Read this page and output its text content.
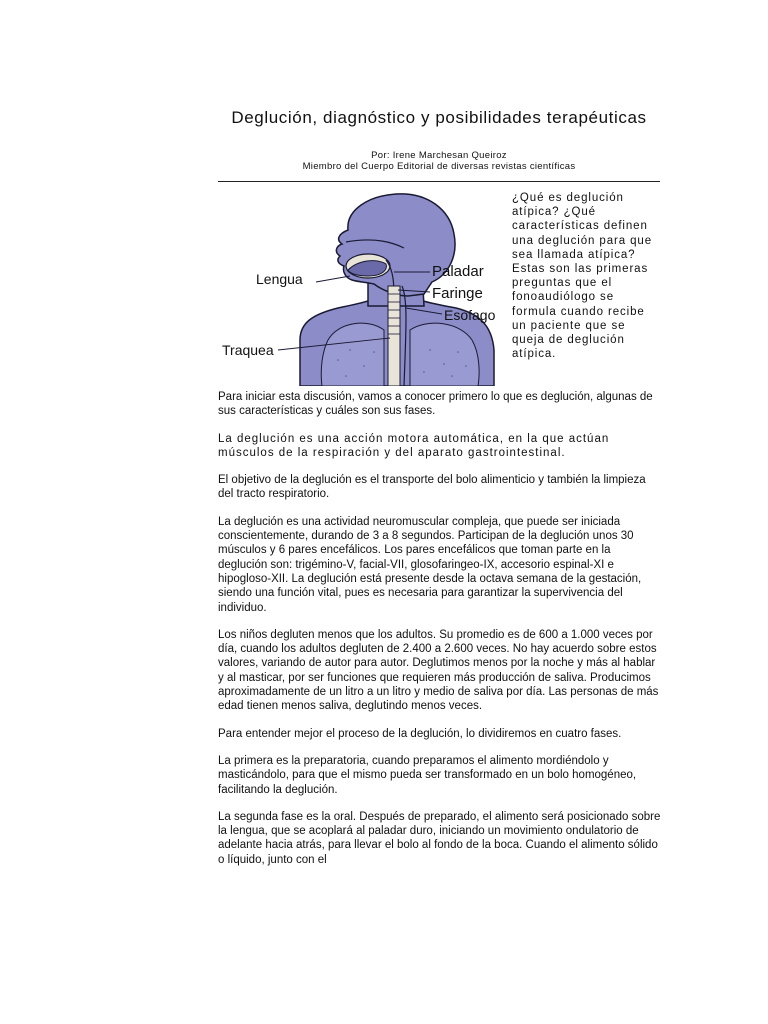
Deglución, diagnóstico y posibilidades terapéuticas
Por: Irene Marchesan Queiroz
Miembro del Cuerpo Editorial de diversas revistas científicas
Lengua	Paladar
Faringe
Esofago
Traquea
¿Qué es deglución atípica? ¿Qué características definen una deglución para que sea llamada atípica? Estas son las primeras preguntas que el fonoaudiólogo se formula cuando recibe un paciente que se queja de deglución atípica.

Para iniciar esta discusión, vamos a conocer primero lo que es deglución, algunas de sus características y cuáles son sus fases.

La deglución es una acción motora automática, en la que actúan músculos de la respiración y del aparato gastrointestinal.

El objetivo de la deglución es el transporte del bolo alimenticio y también la limpieza del tracto respiratorio.

La deglución es una actividad neuromuscular compleja, que puede ser iniciada conscientemente, durando de 3 a 8 segundos. Participan de la deglución unos 30 músculos y 6 pares encefálicos. Los pares encefálicos que toman parte en la deglución son: trigémino-V, facial-VII, glosofaringeo-IX, accesorio espinal-XI e hipogloso-XII. La deglución está presente desde la octava semana de la gestación, siendo una función vital, pues es necesaria para garantizar la supervivencia del individuo.

Los niños degluten menos que los adultos. Su promedio es de 600 a 1.000 veces por día, cuando los adultos degluten de 2.400 a 2.600 veces. No hay acuerdo sobre estos valores, variando de autor para autor. Deglutimos menos por la noche y más al hablar y al masticar, por ser funciones que requieren más producción de saliva. Producimos aproximadamente de un litro a un litro y medio de saliva por día. Las personas de más edad tienen menos saliva, deglutindo menos veces.

Para entender mejor el proceso de la deglución, lo dividiremos en cuatro fases.

La primera es la preparatoria, cuando preparamos el alimento mordiéndolo y masticándolo, para que el mismo pueda ser transformado en un bolo homogéneo, facilitando la deglución.

La segunda fase es la oral. Después de preparado, el alimento será posicionado sobre la lengua, que se acoplará al paladar duro, iniciando un movimiento ondulatorio de adelante hacia atrás, para llevar el bolo al fondo de la boca. Cuando el alimento sólido o líquido, junto con el
